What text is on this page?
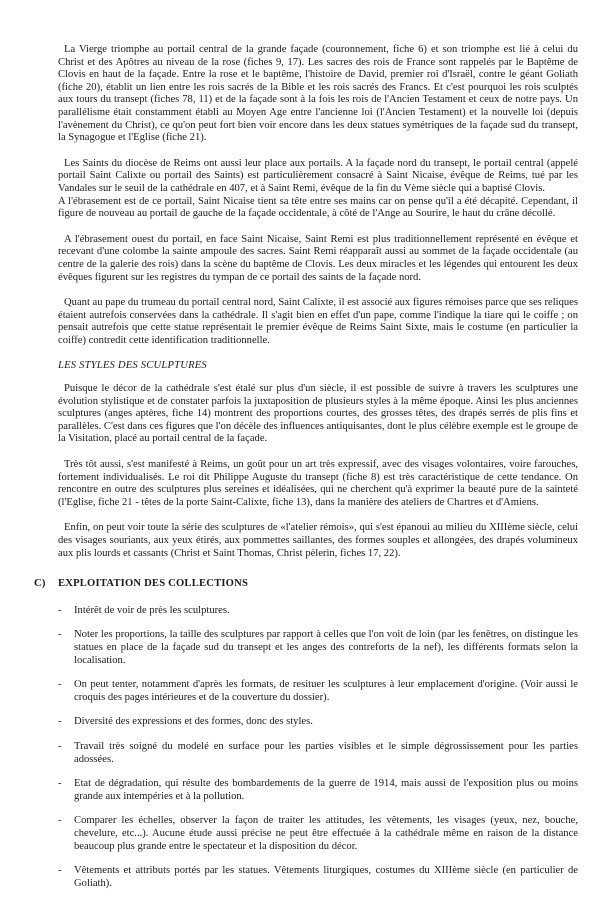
La Vierge triomphe au portail central de la grande façade (couronnement, fiche 6) et son triomphe est lié à celui du Christ et des Apôtres au niveau de la rose (fiches 9, 17). Les sacres des rois de France sont rappelés par le Baptême de Clovis en haut de la façade. Entre la rose et le baptême, l'histoire de David, premier roi d'Israël, contre le géant Goliath (fiche 20), établit un lien entre les rois sacrés de la Bible et les rois sacrés des Francs. Et c'est pourquoi les rois sculptés aux tours du transept (fiches 78, 11) et de la façade sont à la fois les rois de l'Ancien Testament et ceux de notre pays. Un parallélisme était constamment établi au Moyen Age entre l'ancienne loi (l'Ancien Testament) et la nouvelle loi (depuis l'avènement du Christ), ce qu'on peut fort bien voir encore dans les deux statues symétriques de la façade sud du transept, la Synagogue et l'Eglise (fiche 21).

Les Saints du diocèse de Reims ont aussi leur place aux portails. A la façade nord du transept, le portail central (appelé portail Saint Calixte ou portail des Saints) est particulièrement consacré à Saint Nicaise, évêque de Reims, tué par les Vandales sur le seuil de la cathédrale en 407, et à Saint Remi, évêque de la fin du Vème siècle qui a baptisé Clovis.
A l'ébrasement est de ce portail, Saint Nicaise tient sa tête entre ses mains car on pense qu'il a été décapité. Cependant, il figure de nouveau au portail de gauche de la façade occidentale, à côté de l'Ange au Sourire, le haut du crâne décollé.

A l'ébrasement ouest du portail, en face Saint Nicaise, Saint Remi est plus traditionnellement représenté en évêque et recevant d'une colombe la sainte ampoule des sacres. Saint Remi réapparaît aussi au sommet de la façade occidentale (au centre de la galerie des rois) dans la scène du baptême de Clovis. Les deux miracles et les légendes qui entourent les deux évêques figurent sur les registres du tympan de ce portail des saints de la façade nord.

Quant au pape du trumeau du portail central nord, Saint Calixte, il est associé aux figures rémoises parce que ses reliques étaient autrefois conservées dans la cathédrale. Il s'agit bien en effet d'un pape, comme l'indique la tiare qui le coiffe ; on pensait autrefois que cette statue représentait le premier évêque de Reims Saint Sixte, mais le costume (en particulier la coiffe) contredit cette identification traditionnelle.

LES STYLES DES SCULPTURES

Puisque le décor de la cathédrale s'est étalé sur plus d'un siècle, il est possible de suivre à travers les sculptures une évolution stylistique et de constater parfois la juxtaposition de plusieurs styles à la même époque. Ainsi les plus anciennes sculptures (anges aptères, fiche 14) montrent des proportions courtes, des grosses têtes, des drapés serrés de plis fins et parallèles. C'est dans ces figures que l'on décèle des influences antiquisantes, dont le plus célèbre exemple est le groupe de la Visitation, placé au portail central de la façade.

Très tôt aussi, s'est manifesté à Reims, un goût pour un art très expressif, avec des visages volontaires, voire farouches, fortement individualisés. Le roi dit Philippe Auguste du transept (fiche 8) est très caractéristique de cette tendance. On rencontre en outre des sculptures plus sereines et idéalisées, qui ne cherchent qu'à exprimer la beauté pure de la sainteté (l'Eglise, fiche 21 - têtes de la porte Saint-Calixte, fiche 13), dans la manière des ateliers de Chartres et d'Amiens.

Enfin, on peut voir toute la série des sculptures de «l'atelier rémois», qui s'est épanoui au milieu du XIIIème siècle, celui des visages souriants, aux yeux étirés, aux pommettes saillantes, des formes souples et allongées, des drapés volumineux aux plis lourds et cassants (Christ et Saint Thomas, Christ pèlerin, fiches 17, 22).

C) EXPLOITATION DES COLLECTIONS
- Intérêt de voir de près les sculptures.
- Noter les proportions, la taille des sculptures par rapport à celles que l'on voit de loin (par les fenêtres, on distingue les statues en place de la façade sud du transept et les anges des contreforts de la nef), les différents formats selon la localisation.
- On peut tenter, notamment d'après les formats, de resituer les sculptures à leur emplacement d'origine. (Voir aussi le croquis des pages intérieures et de la couverture du dossier).
- Diversité des expressions et des formes, donc des styles.
- Travail très soigné du modelé en surface pour les parties visibles et le simple dégrossissement pour les parties adossées.
- Etat de dégradation, qui résulte des bombardements de la guerre de 1914, mais aussi de l'exposition plus ou moins grande aux intempéries et à la pollution.
- Comparer les échelles, observer la façon de traiter les attitudes, les vêtements, les visages (yeux, nez, bouche, chevelure, etc...). Aucune étude aussi précise ne peut être effectuée à la cathédrale même en raison de la distance beaucoup plus grande entre le spectateur et la disposition du décor.
- Vêtements et attributs portés par les statues. Vêtements liturgiques, costumes du XIIIème siècle (en particulier de Goliath).
